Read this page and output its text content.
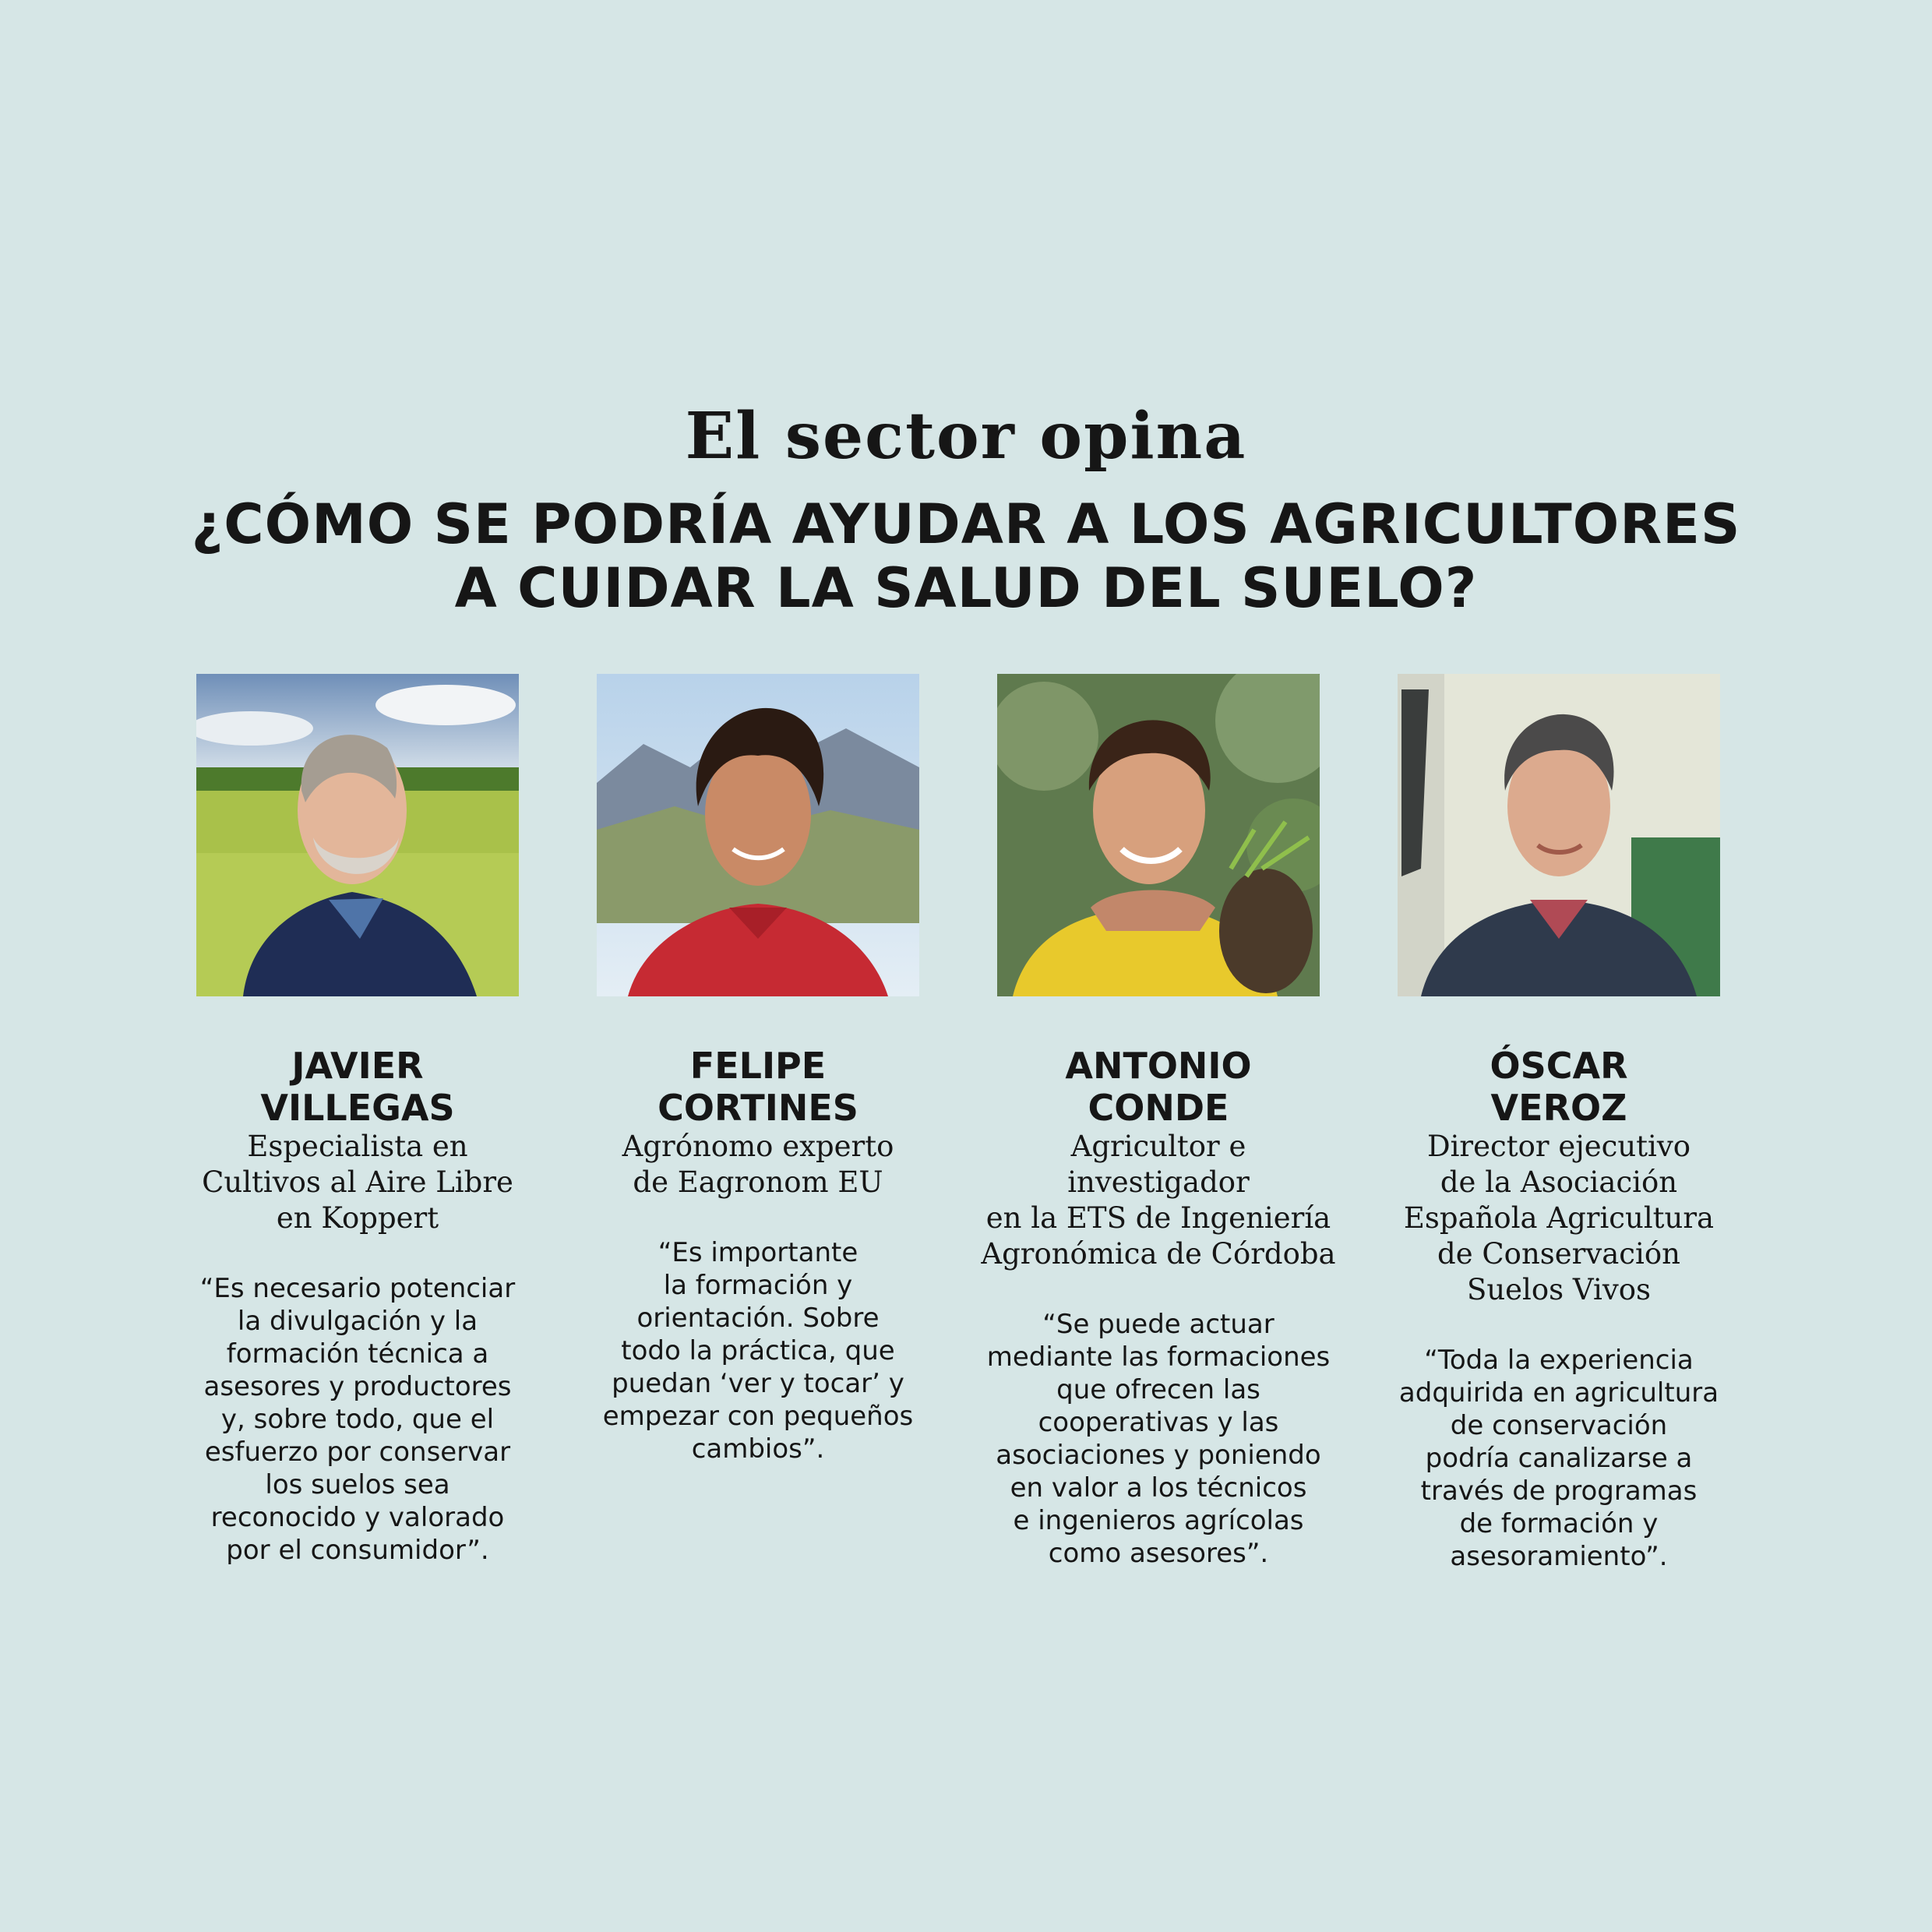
El sector opina
¿CÓMO SE PODRÍA AYUDAR A LOS AGRICULTORES
A CUIDAR LA SALUD DEL SUELO?
JAVIER
VILLEGAS
Especialista en
Cultivos al Aire Libre
en Koppert
“Es necesario potenciar
la divulgación y la
formación técnica a
asesores y productores
y, sobre todo, que el
esfuerzo por conservar
los suelos sea
reconocido y valorado
por el consumidor”.
FELIPE
CORTINES
Agrónomo experto
de Eagronom EU
“Es importante
la formación y
orientación. Sobre
todo la práctica, que
puedan ‘ver y tocar’ y
empezar con pequeños
cambios”.
ANTONIO
CONDE
Agricultor e investigador
en la ETS de Ingeniería
Agronómica de Córdoba
“Se puede actuar
mediante las formaciones
que ofrecen las
cooperativas y las
asociaciones y poniendo
en valor a los técnicos
e ingenieros agrícolas
como asesores”.
ÓSCAR
VEROZ
Director ejecutivo
de la Asociación
Española Agricultura
de Conservación
Suelos Vivos
“Toda la experiencia
adquirida en agricultura
de conservación
podría canalizarse a
través de programas
de formación y
asesoramiento”.
